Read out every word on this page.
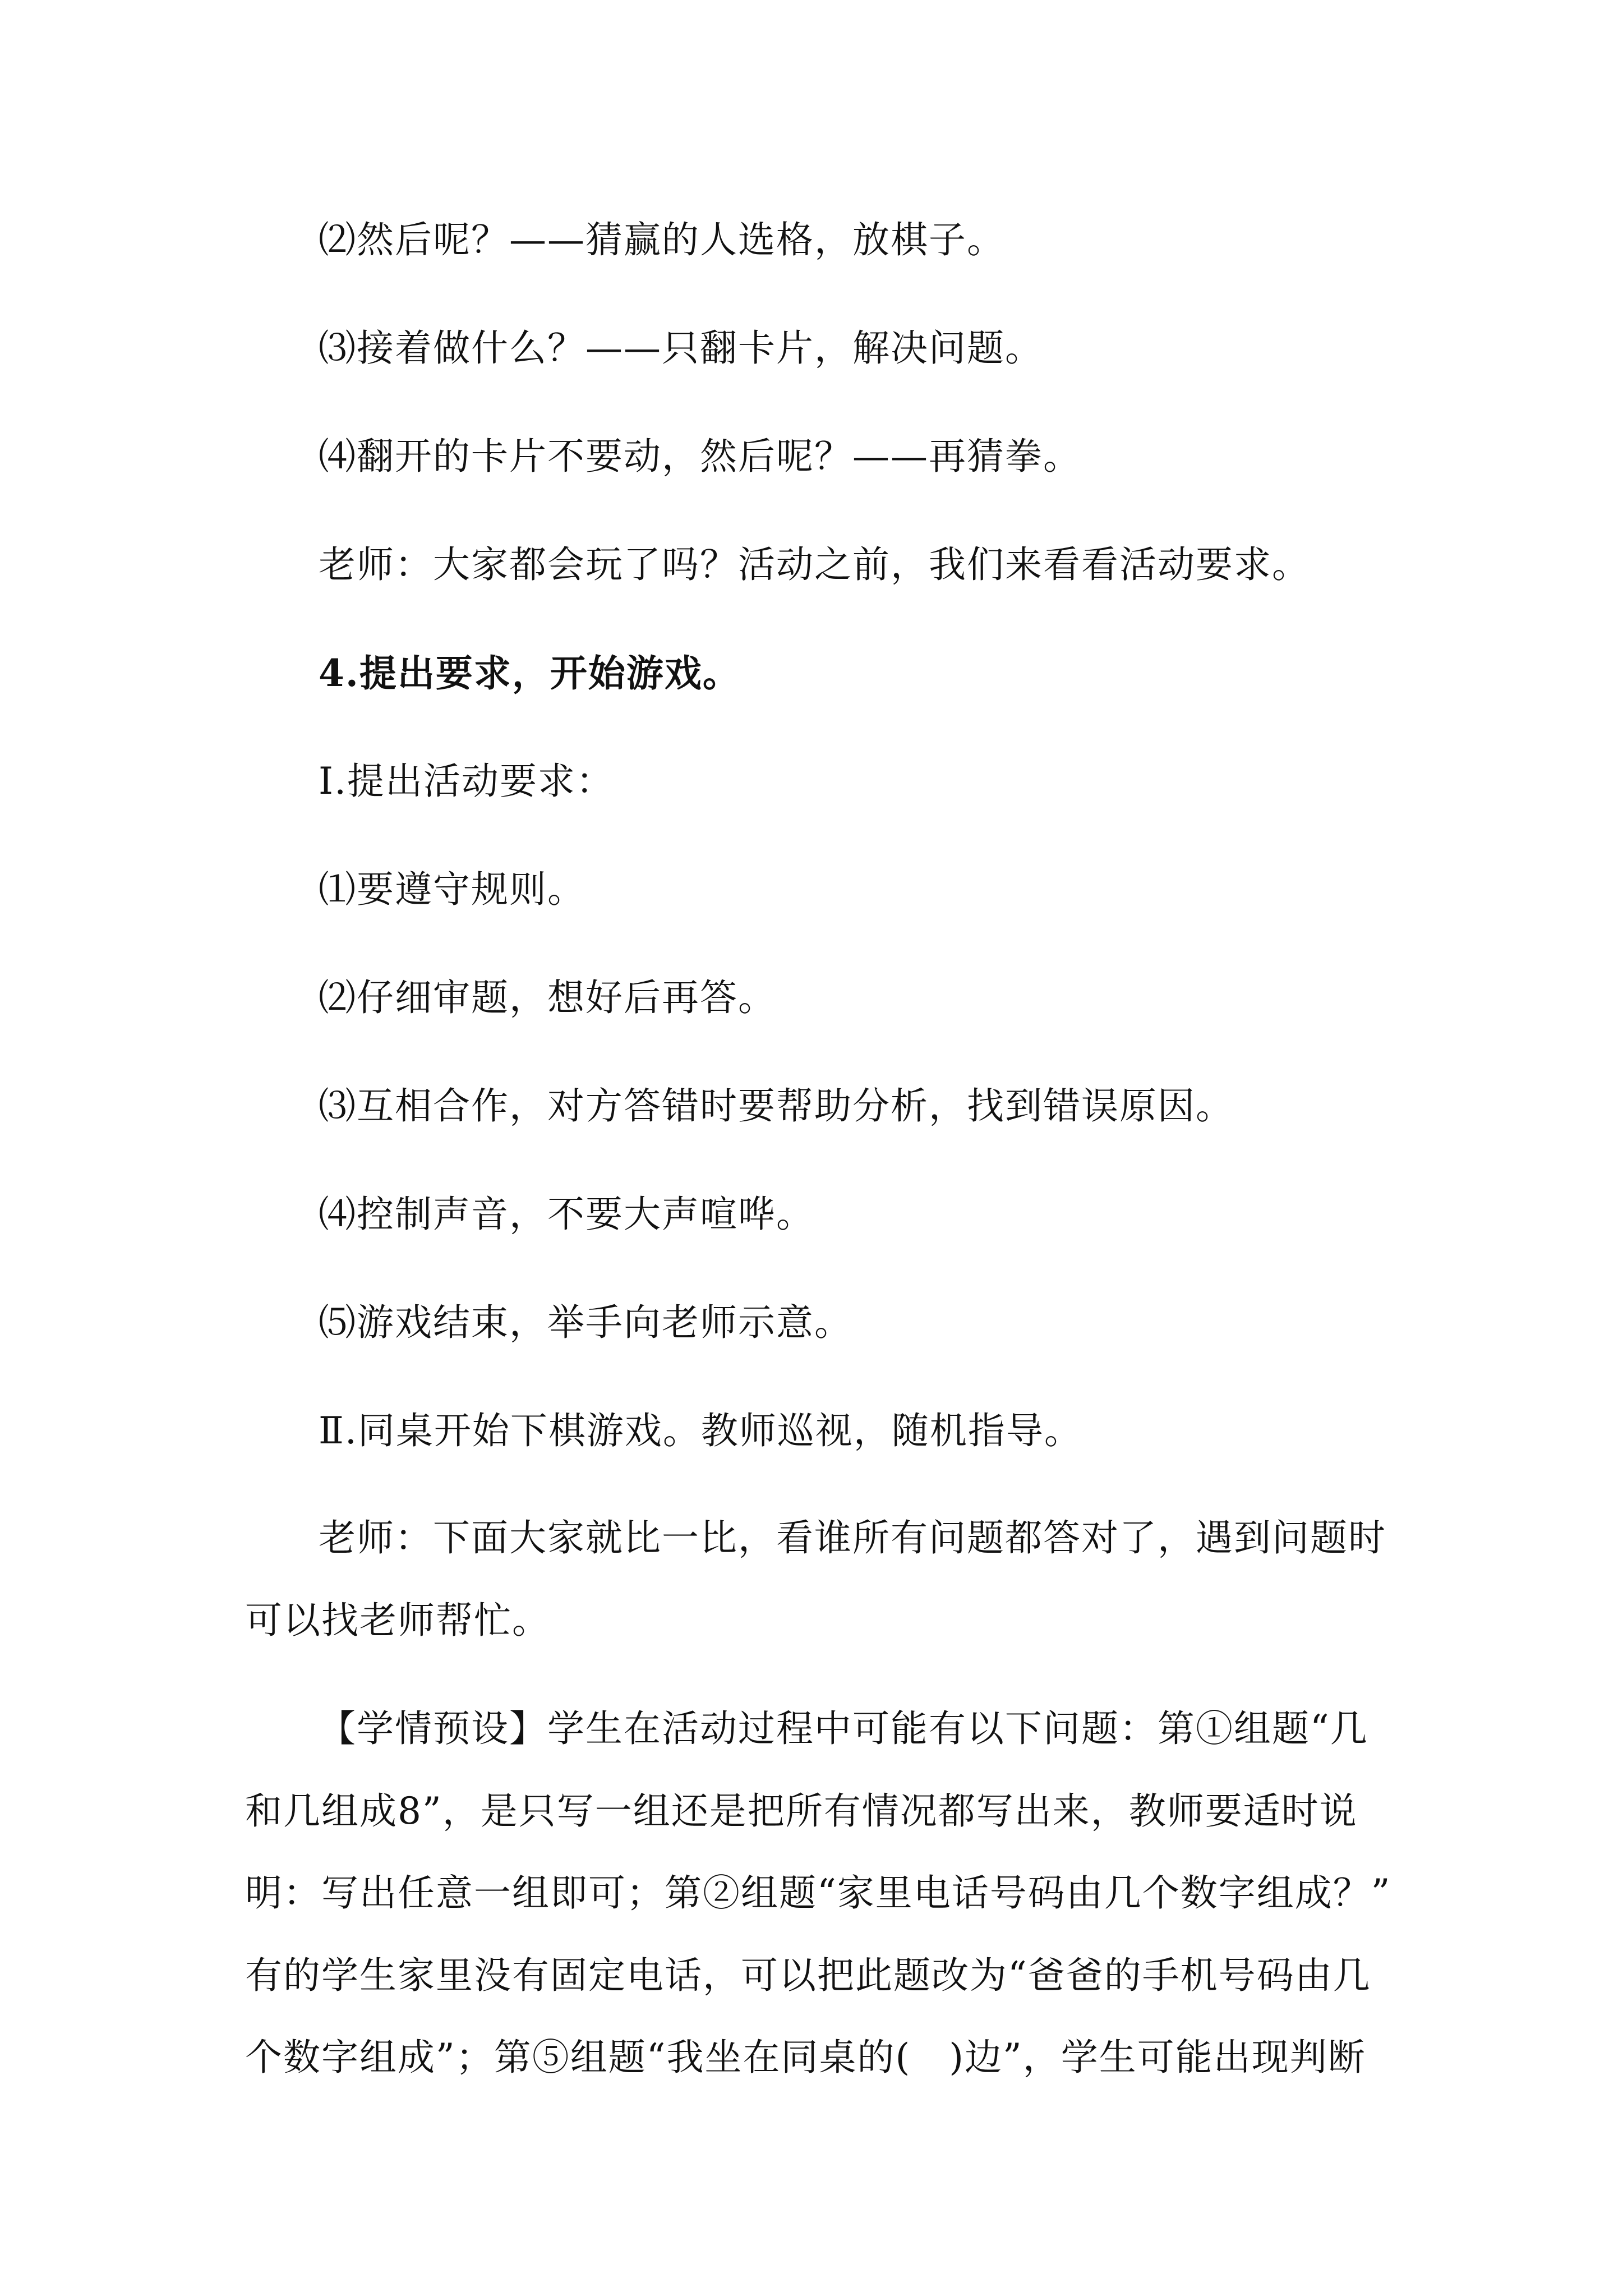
⑵然后呢？——猜赢的人选格，放棋子。
⑶接着做什么？——只翻卡片，解决问题。
⑷翻开的卡片不要动，然后呢？——再猜拳。
老师：大家都会玩了吗？活动之前，我们来看看活动要求。
4.提出要求，开始游戏。
Ⅰ.提出活动要求：
⑴要遵守规则。
⑵仔细审题，想好后再答。
⑶互相合作，对方答错时要帮助分析，找到错误原因。
⑷控制声音，不要大声喧哗。
⑸游戏结束，举手向老师示意。
Ⅱ.同桌开始下棋游戏。教师巡视，随机指导。
老师：下面大家就比一比，看谁所有问题都答对了，遇到问题时
可以找老师帮忙。
【学情预设】学生在活动过程中可能有以下问题：第①组题“几
和几组成8”，是只写一组还是把所有情况都写出来，教师要适时说
明：写出任意一组即可；第②组题“家里电话号码由几个数字组成？”
有的学生家里没有固定电话，可以把此题改为“爸爸的手机号码由几
个数字组成”；第⑤组题“我坐在同桌的(　)边”，学生可能出现判断
